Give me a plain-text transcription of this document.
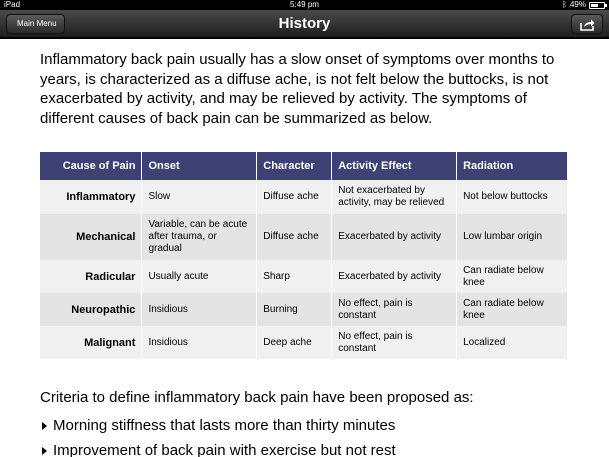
iPad	5:49 pm	ᛒ 49%
History
Main Menu

Inflammatory back pain usually has a slow onset of symptoms over months to years, is characterized as a diffuse ache, is not felt below the buttocks, is not exacerbated by activity, and may be relieved by activity. The symptoms of different causes of back pain can be summarized as below.

Cause of Pain	Onset	Character	Activity Effect	Radiation
Inflammatory	Slow	Diffuse ache	Not exacerbated by activity, may be relieved	Not below buttocks
Mechanical	Variable, can be acute after trauma, or gradual	Diffuse ache	Exacerbated by activity	Low lumbar origin
Radicular	Usually acute	Sharp	Exacerbated by activity	Can radiate below knee
Neuropathic	Insidious	Burning	No effect, pain is constant	Can radiate below knee
Malignant	Insidious	Deep ache	No effect, pain is constant	Localized

Criteria to define inflammatory back pain have been proposed as:

Morning stiffness that lasts more than thirty minutes
Improvement of back pain with exercise but not rest
